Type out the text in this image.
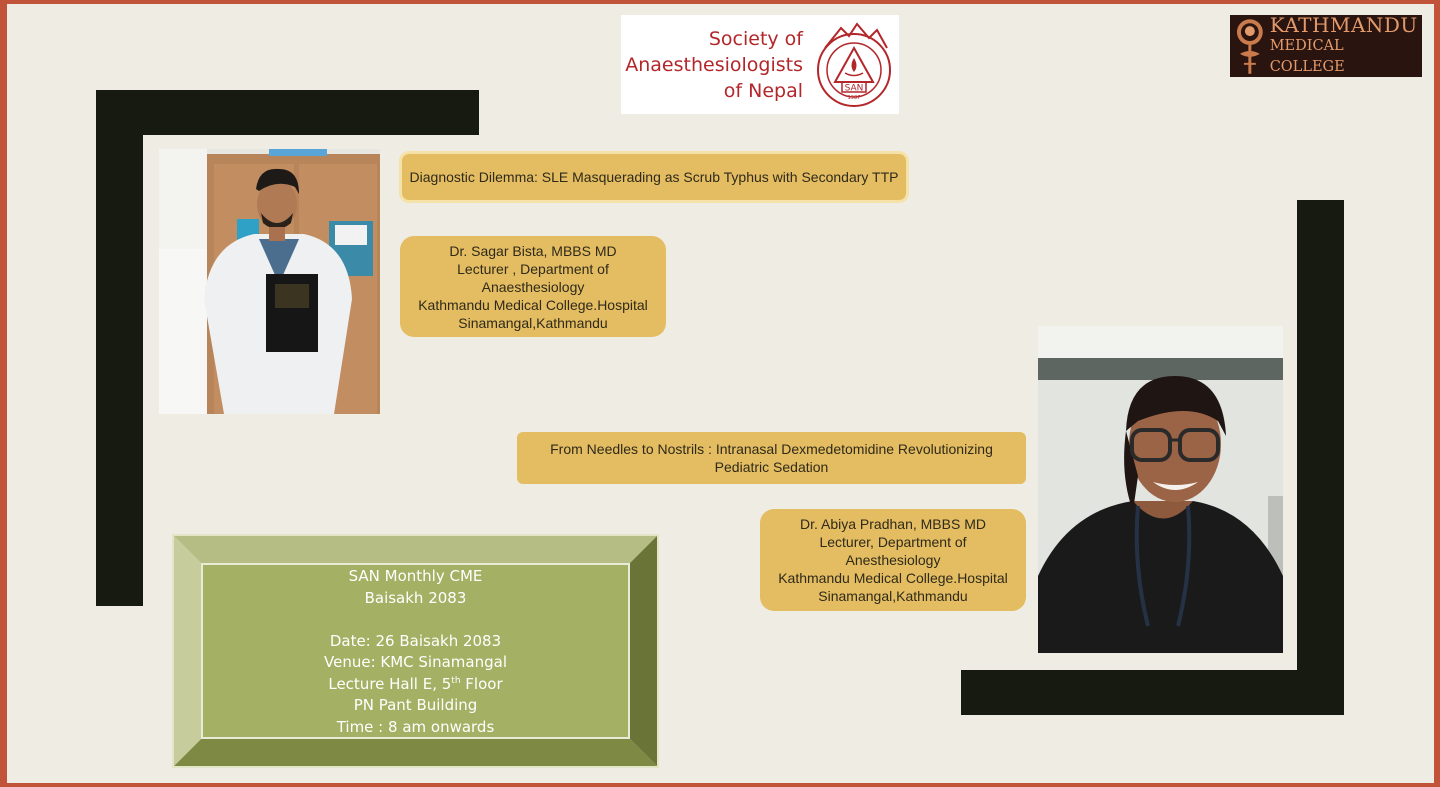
Society of
Anaesthesiologists
of Nepal	SAN
1987
KATHMANDU
MEDICAL COLLEGE
Diagnostic Dilemma: SLE Masquerading as Scrub Typhus with Secondary TTP
Dr. Sagar Bista, MBBS MD
Lecturer , Department of Anaesthesiology
Kathmandu Medical College.Hospital
Sinamangal,Kathmandu
From Needles to Nostrils : Intranasal Dexmedetomidine Revolutionizing Pediatric Sedation
Dr. Abiya Pradhan, MBBS MD
Lecturer, Department of Anesthesiology
Kathmandu Medical College.Hospital
Sinamangal,Kathmandu
SAN Monthly CME
Baisakh 2083
Date: 26 Baisakh 2083
Venue: KMC Sinamangal
Lecture Hall E, 5th Floor
PN Pant Building
Time : 8 am onwards
